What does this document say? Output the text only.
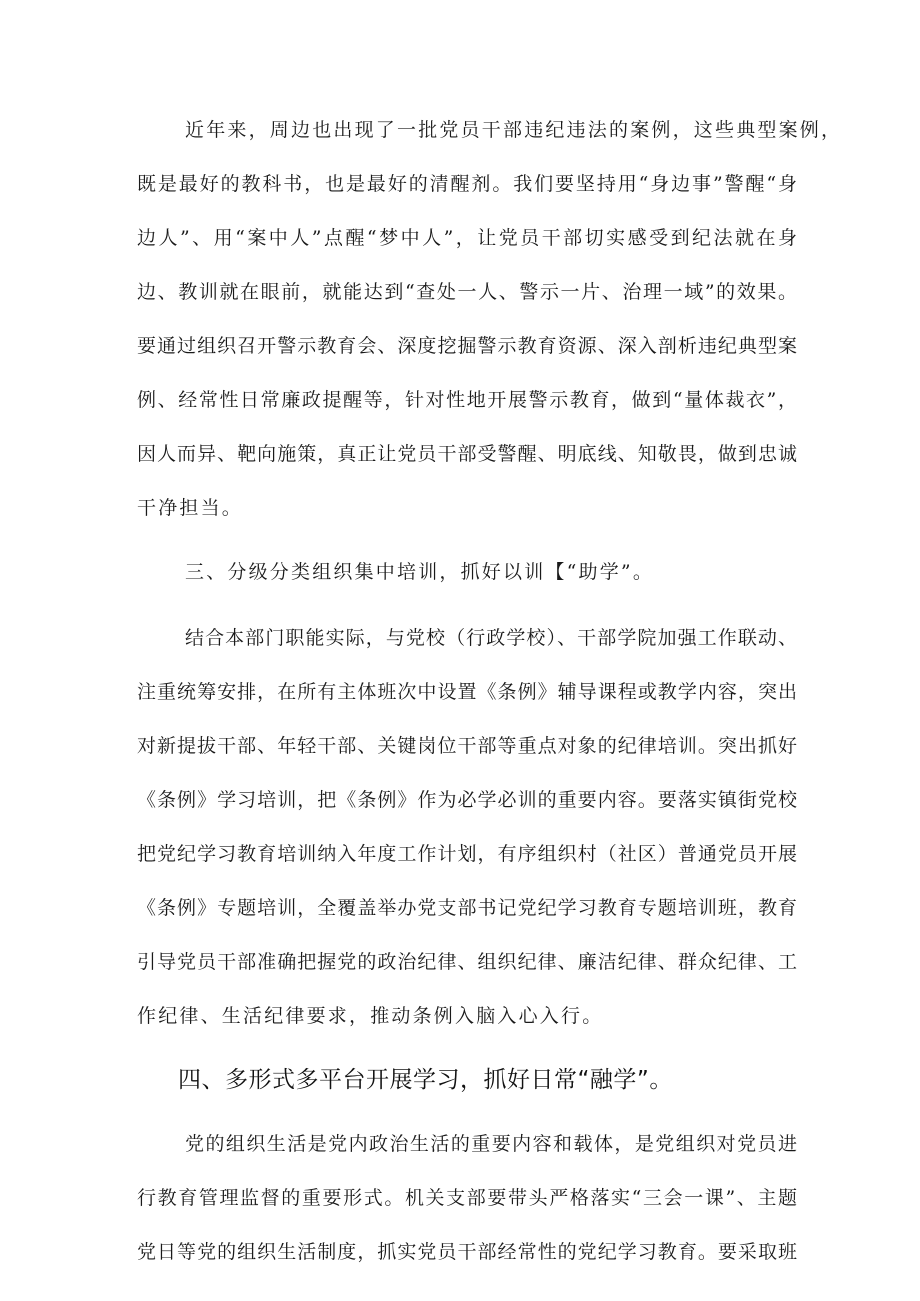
近年来，周边也出现了一批党员干部违纪违法的案例，这些典型案例，
既是最好的教科书，也是最好的清醒剂。我们要坚持用“身边事”警醒“身
边人”、用“案中人”点醒“梦中人”，让党员干部切实感受到纪法就在身
边、教训就在眼前，就能达到“查处一人、警示一片、治理一域”的效果。
要通过组织召开警示教育会、深度挖掘警示教育资源、深入剖析违纪典型案
例、经常性日常廉政提醒等，针对性地开展警示教育，做到“量体裁衣”，
因人而异、靶向施策，真正让党员干部受警醒、明底线、知敬畏，做到忠诚
干净担当。
三、分级分类组织集中培训，抓好以训【“助学”。
结合本部门职能实际，与党校（行政学校）、干部学院加强工作联动、
注重统筹安排，在所有主体班次中设置《条例》辅导课程或教学内容，突出
对新提拔干部、年轻干部、关键岗位干部等重点对象的纪律培训。突出抓好
《条例》学习培训，把《条例》作为必学必训的重要内容。要落实镇街党校
把党纪学习教育培训纳入年度工作计划，有序组织村（社区）普通党员开展
《条例》专题培训，全覆盖举办党支部书记党纪学习教育专题培训班，教育
引导党员干部准确把握党的政治纪律、组织纪律、廉洁纪律、群众纪律、工
作纪律、生活纪律要求，推动条例入脑入心入行。
四、多形式多平台开展学习，抓好日常“融学”。
党的组织生活是党内政治生活的重要内容和载体，是党组织对党员进
行教育管理监督的重要形式。机关支部要带头严格落实“三会一课”、主题
党日等党的组织生活制度，抓实党员干部经常性的党纪学习教育。要采取班
